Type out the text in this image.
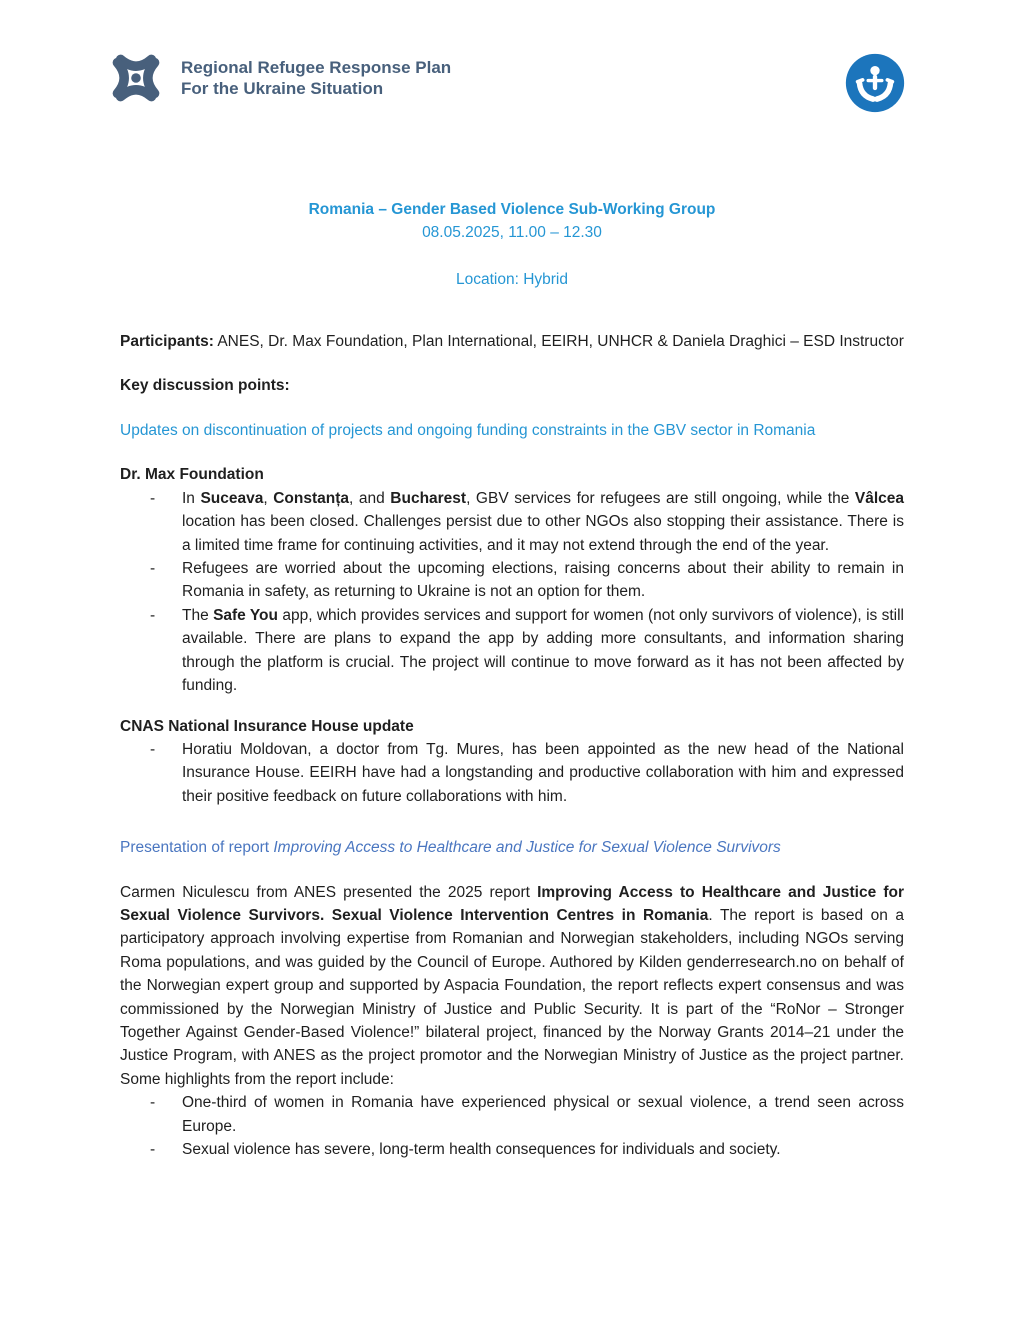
Regional Refugee Response Plan
For the Ukraine Situation

Romania – Gender Based Violence Sub-Working Group

08.05.2025, 11.00 – 12.30

Location: Hybrid

Participants: ANES, Dr. Max Foundation, Plan International, EEIRH, UNHCR & Daniela Draghici – ESD Instructor

Key discussion points:

Updates on discontinuation of projects and ongoing funding constraints in the GBV sector in Romania

Dr. Max Foundation

-	In Suceava, Constanța, and Bucharest, GBV services for refugees are still ongoing, while the Vâlcea location has been closed. Challenges persist due to other NGOs also stopping their assistance. There is a limited time frame for continuing activities, and it may not extend through the end of the year.

-	Refugees are worried about the upcoming elections, raising concerns about their ability to remain in Romania in safety, as returning to Ukraine is not an option for them.

-	The Safe You app, which provides services and support for women (not only survivors of violence), is still available. There are plans to expand the app by adding more consultants, and information sharing through the platform is crucial. The project will continue to move forward as it has not been affected by funding.

CNAS National Insurance House update

-	Horatiu Moldovan, a doctor from Tg. Mures, has been appointed as the new head of the National Insurance House. EEIRH have had a longstanding and productive collaboration with him and expressed their positive feedback on future collaborations with him.

Presentation of report Improving Access to Healthcare and Justice for Sexual Violence Survivors

Carmen Niculescu from ANES presented the 2025 report Improving Access to Healthcare and Justice for Sexual Violence Survivors. Sexual Violence Intervention Centres in Romania. The report is based on a participatory approach involving expertise from Romanian and Norwegian stakeholders, including NGOs serving Roma populations, and was guided by the Council of Europe. Authored by Kilden genderresearch.no on behalf of the Norwegian expert group and supported by Aspacia Foundation, the report reflects expert consensus and was commissioned by the Norwegian Ministry of Justice and Public Security. It is part of the “RoNor – Stronger Together Against Gender-Based Violence!” bilateral project, financed by the Norway Grants 2014–21 under the Justice Program, with ANES as the project promotor and the Norwegian Ministry of Justice as the project partner. Some highlights from the report include:

-	One-third of women in Romania have experienced physical or sexual violence, a trend seen across Europe.

-	Sexual violence has severe, long-term health consequences for individuals and society.
